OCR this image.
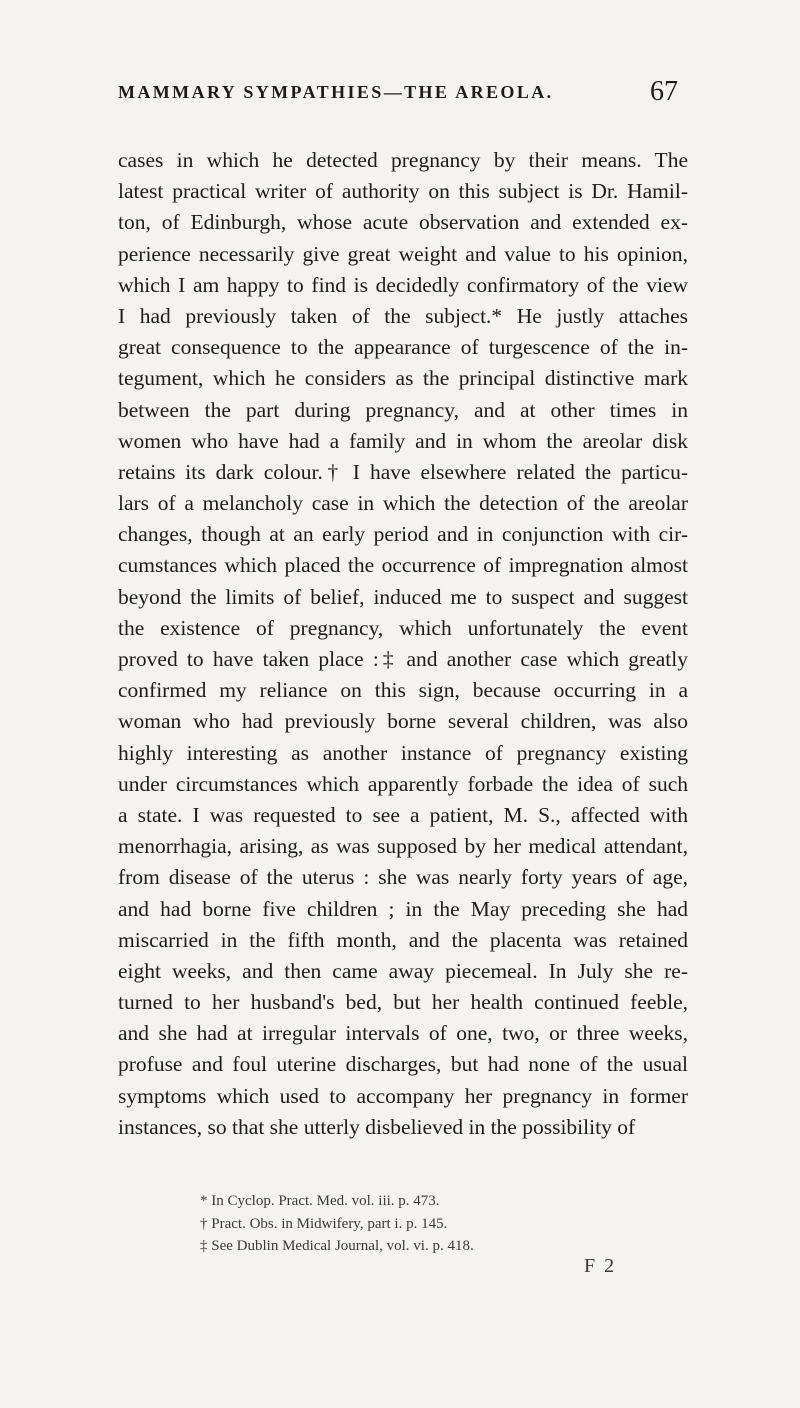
MAMMARY SYMPATHIES—THE AREOLA.	67
cases in which he detected pregnancy by their means. The
latest practical writer of authority on this subject is Dr. Hamil-
ton, of Edinburgh, whose acute observation and extended ex-
perience necessarily give great weight and value to his opinion,
which I am happy to find is decidedly confirmatory of the view
I had previously taken of the subject.* He justly attaches
great consequence to the appearance of turgescence of the in-
tegument, which he considers as the principal distinctive mark
between the part during pregnancy, and at other times in
women who have had a family and in whom the areolar disk
retains its dark colour.† I have elsewhere related the particu-
lars of a melancholy case in which the detection of the areolar
changes, though at an early period and in conjunction with cir-
cumstances which placed the occurrence of impregnation almost
beyond the limits of belief, induced me to suspect and suggest
the existence of pregnancy, which unfortunately the event
proved to have taken place :‡ and another case which greatly
confirmed my reliance on this sign, because occurring in a
woman who had previously borne several children, was also
highly interesting as another instance of pregnancy existing
under circumstances which apparently forbade the idea of such
a state. I was requested to see a patient, M. S., affected with
menorrhagia, arising, as was supposed by her medical attendant,
from disease of the uterus : she was nearly forty years of age,
and had borne five children ; in the May preceding she had
miscarried in the fifth month, and the placenta was retained
eight weeks, and then came away piecemeal. In July she re-
turned to her husband's bed, but her health continued feeble,
and she had at irregular intervals of one, two, or three weeks,
profuse and foul uterine discharges, but had none of the usual
symptoms which used to accompany her pregnancy in former
instances, so that she utterly disbelieved in the possibility of
* In Cyclop. Pract. Med. vol. iii. p. 473.
† Pract. Obs. in Midwifery, part i. p. 145.
‡ See Dublin Medical Journal, vol. vi. p. 418.
F 2
